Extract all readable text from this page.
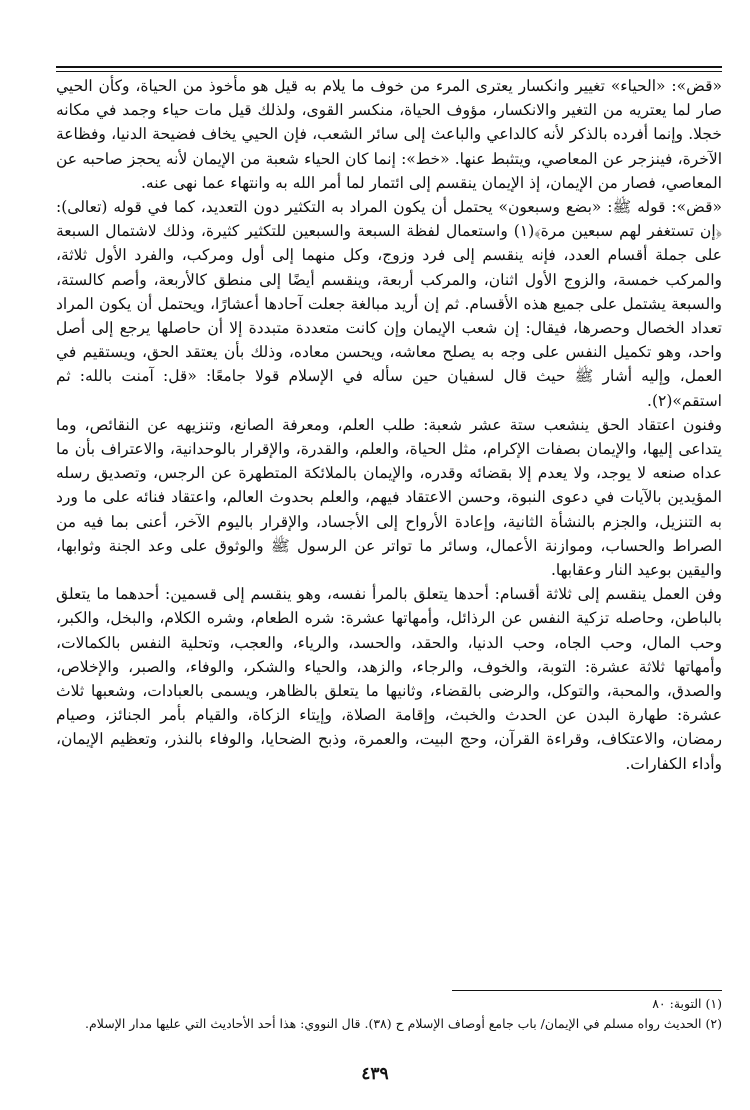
«قض»: «الحياء» تغيير وانكسار يعترى المرء من خوف ما يلام به قيل هو مأخوذ من الحياة، وكأن الحيي صار لما يعتريه من التغير والانكسار، مؤوف الحياة، منكسر القوى، ولذلك قيل مات حياء وجمد في مكانه خجلا. وإنما أفرده بالذكر لأنه كالداعي والباعث إلى سائر الشعب، فإن الحيي يخاف فضيحة الدنيا، وفظاعة الآخرة، فينزجر عن المعاصي، ويتثبط عنها. «خط»: إنما كان الحياء شعبة من الإيمان لأنه يحجز صاحبه عن المعاصي، فصار من الإيمان، إذ الإيمان ينقسم إلى ائتمار لما أمر الله به وانتهاء عما نهى عنه.

«قض»: قوله ﷺ: «بضع وسبعون» يحتمل أن يكون المراد به التكثير دون التعديد، كما في قوله (تعالى): ﴿إن تستغفر لهم سبعين مرة﴾(١) واستعمال لفظة السبعة والسبعين للتكثير كثيرة، وذلك لاشتمال السبعة على جملة أقسام العدد، فإنه ينقسم إلى فرد وزوج، وكل منهما إلى أول ومركب، والفرد الأول ثلاثة، والمركب خمسة، والزوج الأول اثنان، والمركب أربعة، وينقسم أيضًا إلى منطق كالأربعة، وأصم كالستة، والسبعة يشتمل على جميع هذه الأقسام. ثم إن أريد مبالغة جعلت آحادها أعشارًا، ويحتمل أن يكون المراد تعداد الخصال وحصرها، فيقال: إن شعب الإيمان وإن كانت متعددة متبددة إلا أن حاصلها يرجع إلى أصل واحد، وهو تكميل النفس على وجه به يصلح معاشه، ويحسن معاده، وذلك بأن يعتقد الحق، ويستقيم في العمل، وإليه أشار ﷺ حيث قال لسفيان حين سأله في الإسلام قولا جامعًا: «قل: آمنت بالله: ثم استقم»(٢).

وفنون اعتقاد الحق ينشعب ستة عشر شعبة: طلب العلم، ومعرفة الصانع، وتنزيهه عن النقائص، وما يتداعى إليها، والإيمان بصفات الإكرام، مثل الحياة، والعلم، والقدرة، والإقرار بالوحدانية، والاعتراف بأن ما عداه صنعه لا يوجد، ولا يعدم إلا بقضائه وقدره، والإيمان بالملائكة المتطهرة عن الرجس، وتصديق رسله المؤيدين بالآيات في دعوى النبوة، وحسن الاعتقاد فيهم، والعلم بحدوث العالم، واعتقاد فنائه على ما ورد به التنزيل، والجزم بالنشأة الثانية، وإعادة الأرواح إلى الأجساد، والإقرار باليوم الآخر، أعنى بما فيه من الصراط والحساب، وموازنة الأعمال، وسائر ما تواتر عن الرسول ﷺ والوثوق على وعد الجنة وثوابها، واليقين بوعيد النار وعقابها.

وفن العمل ينقسم إلى ثلاثة أقسام: أحدها يتعلق بالمرأ نفسه، وهو ينقسم إلى قسمين: أحدهما ما يتعلق بالباطن، وحاصله تزكية النفس عن الرذائل، وأمهاتها عشرة: شره الطعام، وشره الكلام، والبخل، والكبر، وحب المال، وحب الجاه، وحب الدنيا، والحقد، والحسد، والرياء، والعجب، وتحلية النفس بالكمالات، وأمهاتها ثلاثة عشرة: التوبة، والخوف، والرجاء، والزهد، والحياء والشكر، والوفاء، والصبر، والإخلاص، والصدق، والمحبة، والتوكل، والرضى بالقضاء، وثانيها ما يتعلق بالظاهر، ويسمى بالعبادات، وشعبها ثلاث عشرة: طهارة البدن عن الحدث والخبث، وإقامة الصلاة، وإيتاء الزكاة، والقيام بأمر الجنائز، وصيام رمضان، والاعتكاف، وقراءة القرآن، وحج البيت، والعمرة، وذبح الضحايا، والوفاء بالنذر، وتعظيم الإيمان، وأداء الكفارات.

(١) التوبة: ٨٠

(٢) الحديث رواه مسلم في الإيمان/ باب جامع أوصاف الإسلام ح (٣٨). قال النووي: هذا أحد الأحاديث التي عليها مدار الإسلام.

٤٣٩
